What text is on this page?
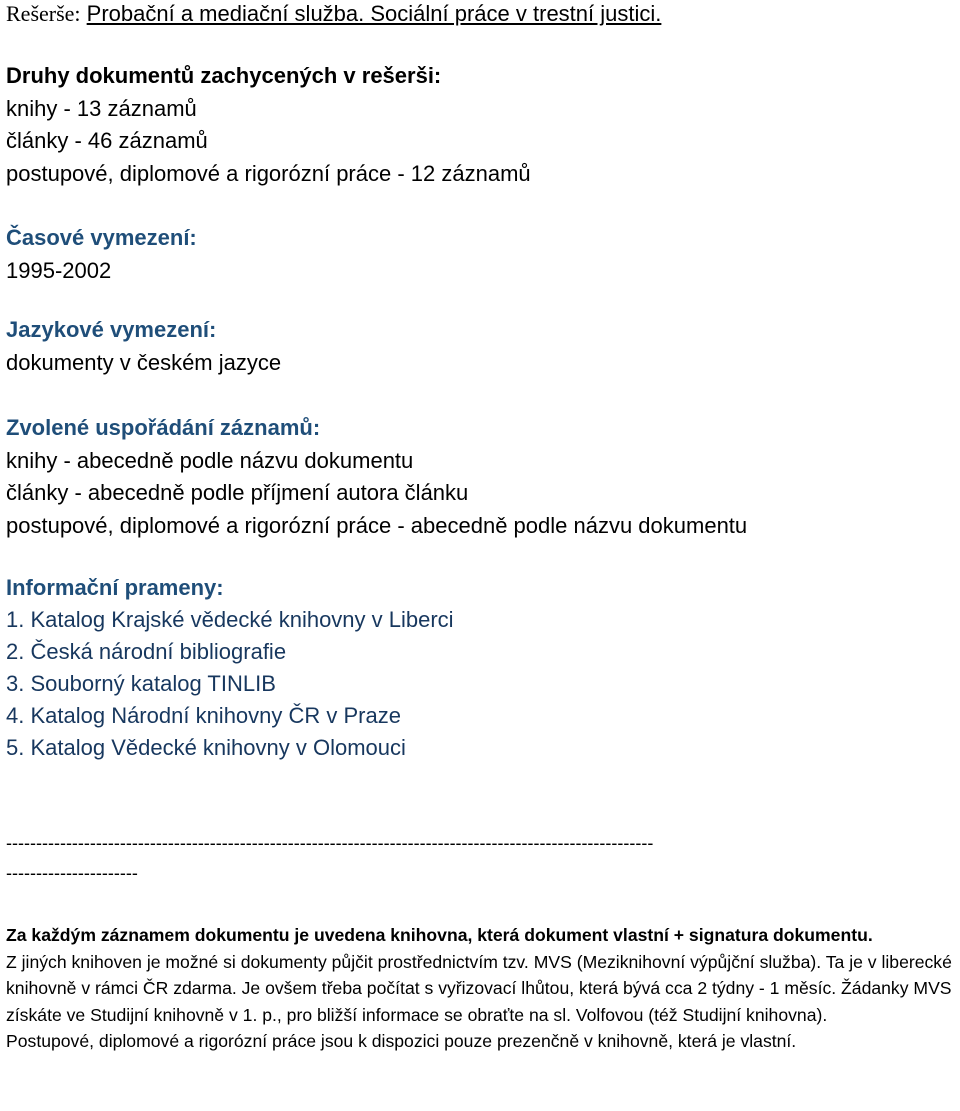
Rešerše: Probační a mediační služba. Sociální práce v trestní justici.
Druhy dokumentů zachycených v rešerši:
knihy - 13 záznamů
články - 46 záznamů
postupové, diplomové a rigorózní práce - 12 záznamů
Časové vymezení:
1995-2002
Jazykové vymezení:
dokumenty v českém jazyce
Zvolené uspořádání záznamů:
knihy - abecedně podle názvu dokumentu
články - abecedně podle příjmení autora článku
postupové, diplomové a rigorózní práce - abecedně podle názvu dokumentu
Informační prameny:
1. Katalog Krajské vědecké knihovny v Liberci
2. Česká národní bibliografie
3. Souborný katalog TINLIB
4. Katalog Národní knihovny ČR v Praze
5. Katalog Vědecké knihovny v Olomouci
------------------------------------------------------------------------------------------------------------
----------------------
Za každým záznamem dokumentu je uvedena knihovna, která dokument vlastní + signatura dokumentu.
Z jiných knihoven je možné si dokumenty půjčit prostřednictvím tzv. MVS (Meziknihovní výpůjční služba). Ta je v liberecké knihovně v rámci ČR zdarma. Je ovšem třeba počítat s vyřizovací lhůtou, která bývá cca 2 týdny - 1 měsíc. Žádanky MVS získáte ve Studijní knihovně v 1. p., pro bližší informace se obraťte na sl. Volfovou (též Studijní knihovna).
Postupové, diplomové a rigorózní práce jsou k dispozici pouze prezenčně v knihovně, která je vlastní.
